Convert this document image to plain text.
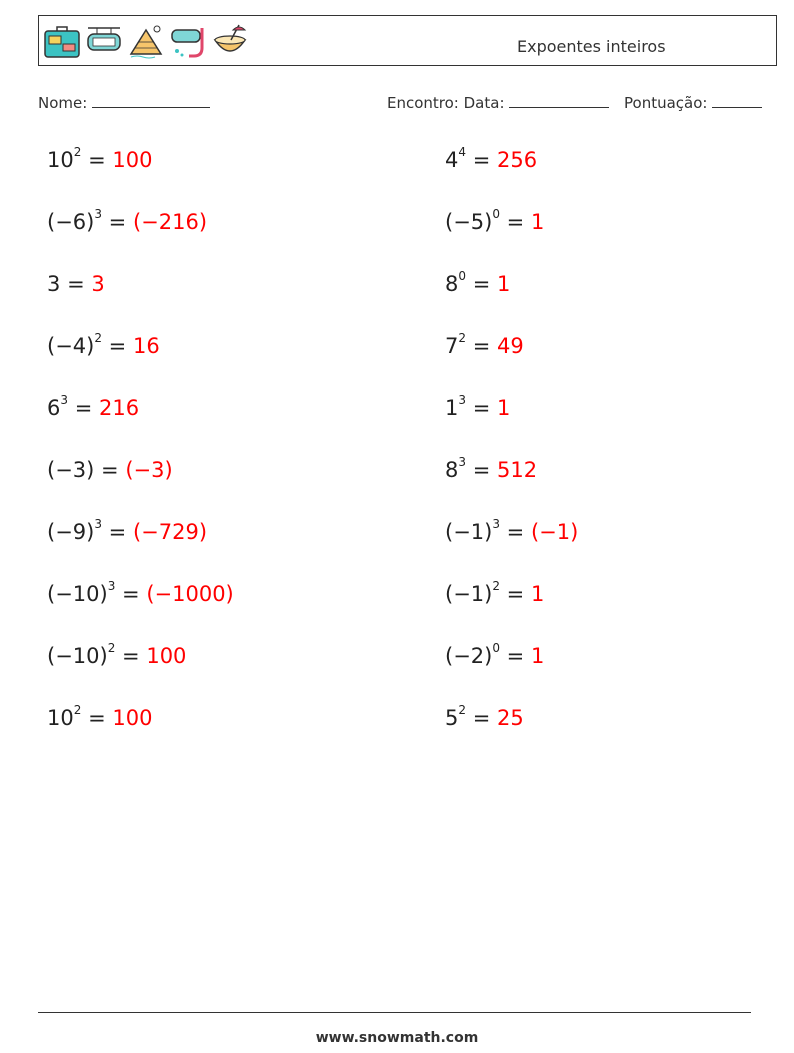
Expoentes inteiros
Nome:	Encontro: Data:	Pontuação:
$10^2 = 100$	$4^4 = 256$
$(-6)^3 = (-216)$	$(-5)^0 = 1$
3 = 3	$8^0 = 1$
$(-4)^2 = 16$	$7^2 = 49$
$6^3 = 216$	$1^3 = 1$
(−3) = (−3)	$8^3 = 512$
$(-9)^3 = (-729)$	$(-1)^3 = (-1)$
$(-10)^3 = (-1000)$	$(-1)^2 = 1$
$(-10)^2 = 100$	$(-2)^0 = 1$
$10^2 = 100$	$5^2 = 25$
www.snowmath.com
